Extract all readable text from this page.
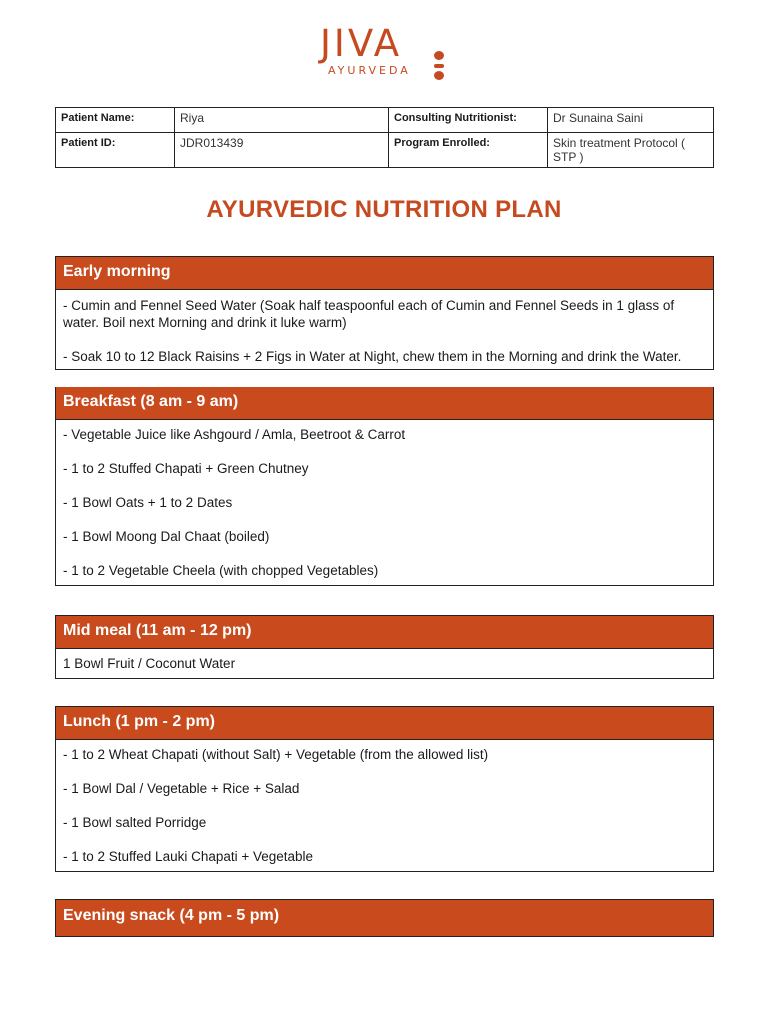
JIVA
AYURVEDA
Patient Name:	Riya	Consulting Nutritionist:	Dr Sunaina Saini
Patient ID:	JDR013439	Program Enrolled:	Skin treatment Protocol ( STP )
AYURVEDIC NUTRITION PLAN
Early morning

- Cumin and Fennel Seed Water (Soak half teaspoonful each of Cumin and Fennel Seeds in 1 glass of water. Boil next Morning and drink it luke warm)

- Soak 10 to 12 Black Raisins + 2 Figs in Water at Night, chew them in the Morning and drink the Water.

Breakfast (8 am - 9 am)

- Vegetable Juice like Ashgourd / Amla, Beetroot & Carrot

- 1 to 2 Stuffed Chapati + Green Chutney

- 1 Bowl Oats + 1 to 2 Dates

- 1 Bowl Moong Dal Chaat (boiled)

- 1 to 2 Vegetable Cheela (with chopped Vegetables)

Mid meal (11 am - 12 pm)

1 Bowl Fruit / Coconut Water

Lunch (1 pm - 2 pm)

- 1 to 2 Wheat Chapati (without Salt) + Vegetable (from the allowed list)

- 1 Bowl Dal / Vegetable + Rice + Salad

- 1 Bowl salted Porridge

- 1 to 2 Stuffed Lauki Chapati + Vegetable

Evening snack (4 pm - 5 pm)
